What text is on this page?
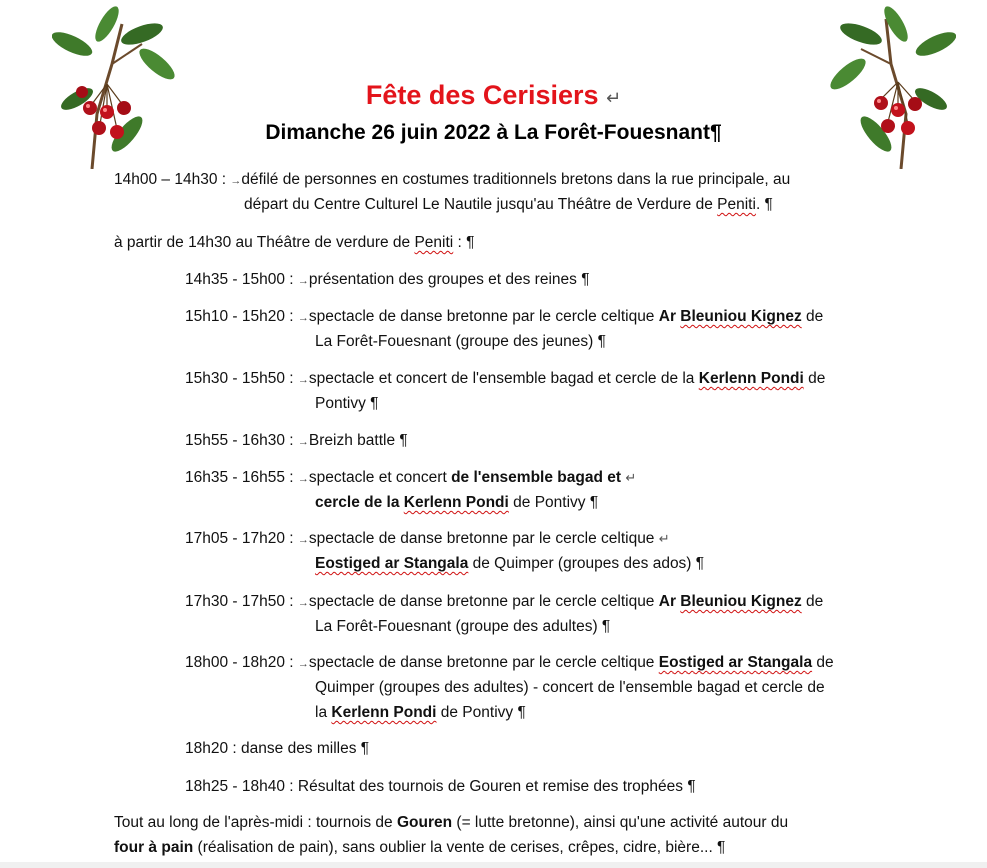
Fête des Cerisiers ↵
Dimanche 26 juin 2022 à La Forêt-Fouesnant¶
14h00 – 14h30 : →défilé de personnes en costumes traditionnels bretons dans la rue principale, au
départ du Centre Culturel Le Nautile jusqu'au Théâtre de Verdure de Peniti. ¶
à partir de 14h30 au Théâtre de verdure de Peniti : ¶
14h35 - 15h00 : →présentation des groupes et des reines ¶
15h10 - 15h20 : →spectacle de danse bretonne par le cercle celtique Ar Bleuniou Kignez de
La Forêt-Fouesnant (groupe des jeunes) ¶
15h30 - 15h50 : →spectacle et concert de l'ensemble bagad et cercle de la Kerlenn Pondi de
Pontivy ¶
15h55 - 16h30 : →Breizh battle ¶
16h35 - 16h55 : →spectacle et concert de l'ensemble bagad et ↵
cercle de la Kerlenn Pondi de Pontivy ¶
17h05 - 17h20 : →spectacle de danse bretonne par le cercle celtique ↵
Eostiged ar Stangala de Quimper (groupes des ados) ¶
17h30 - 17h50 : →spectacle de danse bretonne par le cercle celtique Ar Bleuniou Kignez de
La Forêt-Fouesnant (groupe des adultes) ¶
18h00 - 18h20 : →spectacle de danse bretonne par le cercle celtique Eostiged ar Stangala de
Quimper (groupes des adultes) - concert de l'ensemble bagad et cercle de
la Kerlenn Pondi de Pontivy ¶
18h20 : danse des milles ¶
18h25 - 18h40 : Résultat des tournois de Gouren et remise des trophées ¶
Tout au long de l'après-midi : tournois de Gouren (= lutte bretonne), ainsi qu'une activité autour du
four à pain (réalisation de pain), sans oublier la vente de cerises, crêpes, cidre, bière... ¶
